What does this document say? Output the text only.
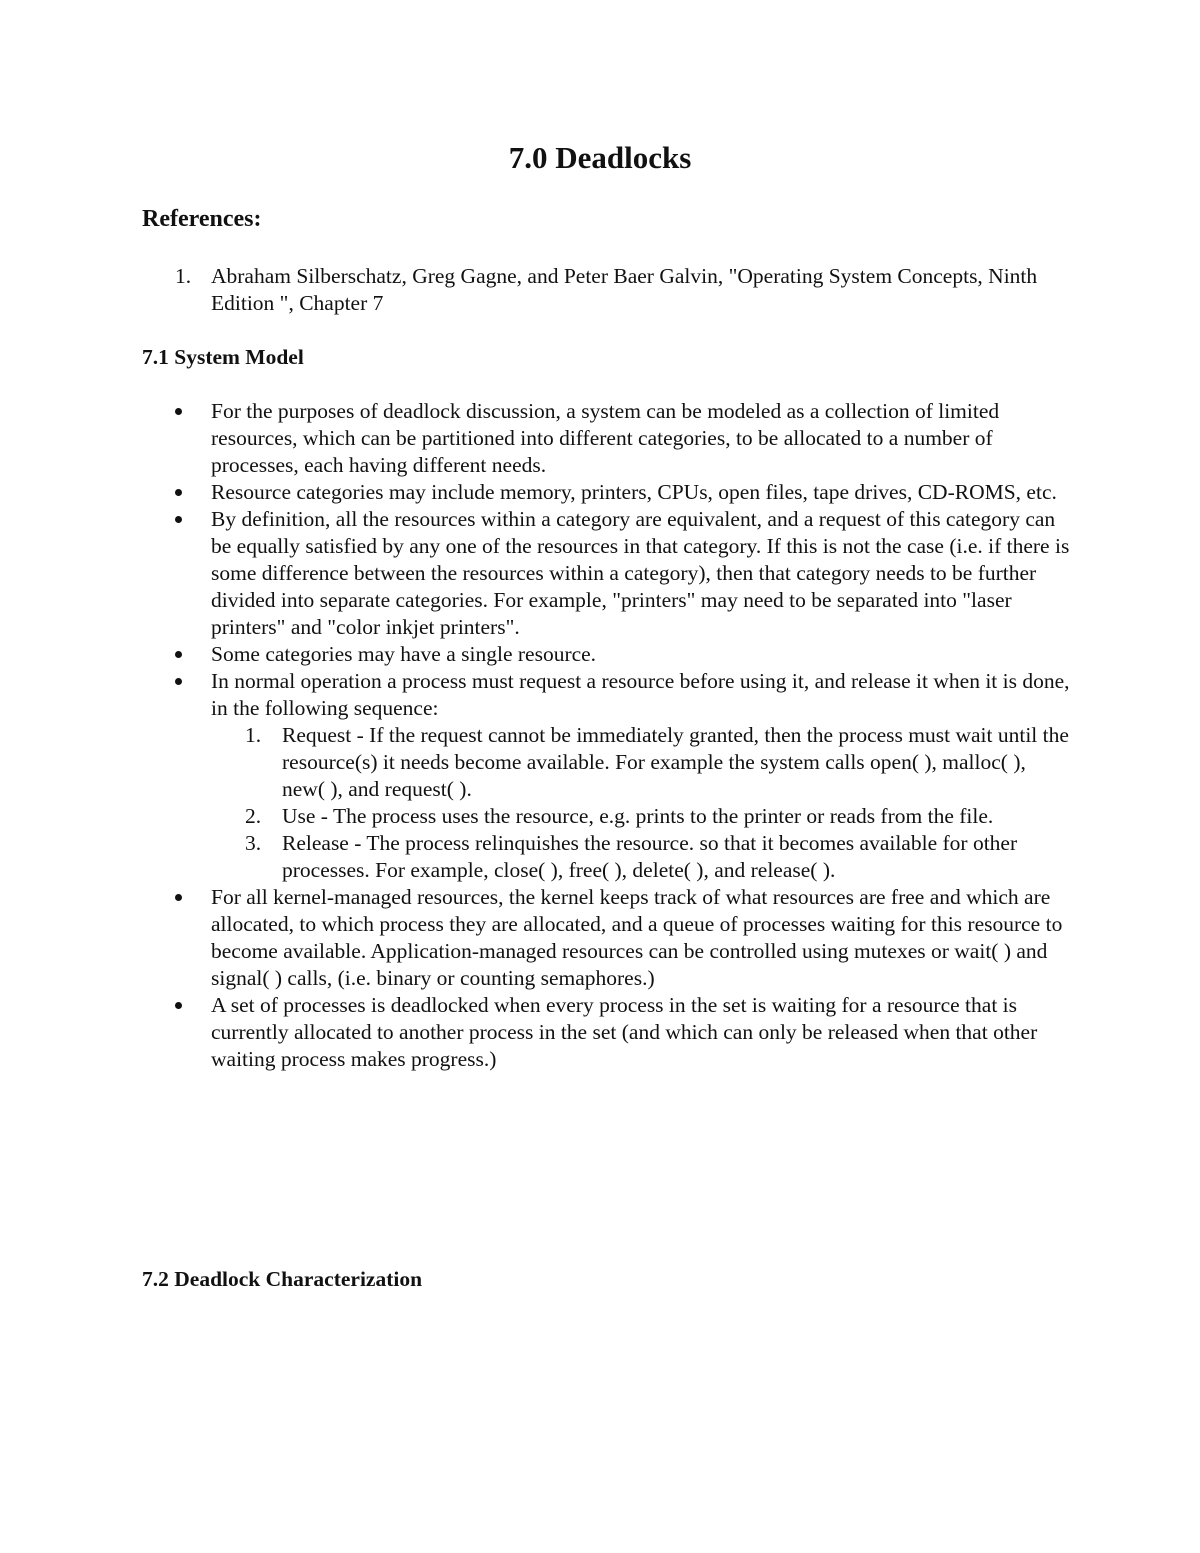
7.0 Deadlocks
References:
1. Abraham Silberschatz, Greg Gagne, and Peter Baer Galvin, "Operating System Concepts, Ninth Edition ", Chapter 7
7.1 System Model
For the purposes of deadlock discussion, a system can be modeled as a collection of limited resources, which can be partitioned into different categories, to be allocated to a number of processes, each having different needs.
Resource categories may include memory, printers, CPUs, open files, tape drives, CD-ROMS, etc.
By definition, all the resources within a category are equivalent, and a request of this category can be equally satisfied by any one of the resources in that category. If this is not the case (i.e. if there is some difference between the resources within a category), then that category needs to be further divided into separate categories. For example, "printers" may need to be separated into "laser printers" and "color inkjet printers".
Some categories may have a single resource.
In normal operation a process must request a resource before using it, and release it when it is done, in the following sequence:
1. Request - If the request cannot be immediately granted, then the process must wait until the resource(s) it needs become available. For example the system calls open( ), malloc( ), new( ), and request( ).
2. Use - The process uses the resource, e.g. prints to the printer or reads from the file.
3. Release - The process relinquishes the resource. so that it becomes available for other processes. For example, close( ), free( ), delete( ), and release( ).
For all kernel-managed resources, the kernel keeps track of what resources are free and which are allocated, to which process they are allocated, and a queue of processes waiting for this resource to become available. Application-managed resources can be controlled using mutexes or wait( ) and signal( ) calls, (i.e. binary or counting semaphores.)
A set of processes is deadlocked when every process in the set is waiting for a resource that is currently allocated to another process in the set (and which can only be released when that other waiting process makes progress.)
7.2 Deadlock Characterization
